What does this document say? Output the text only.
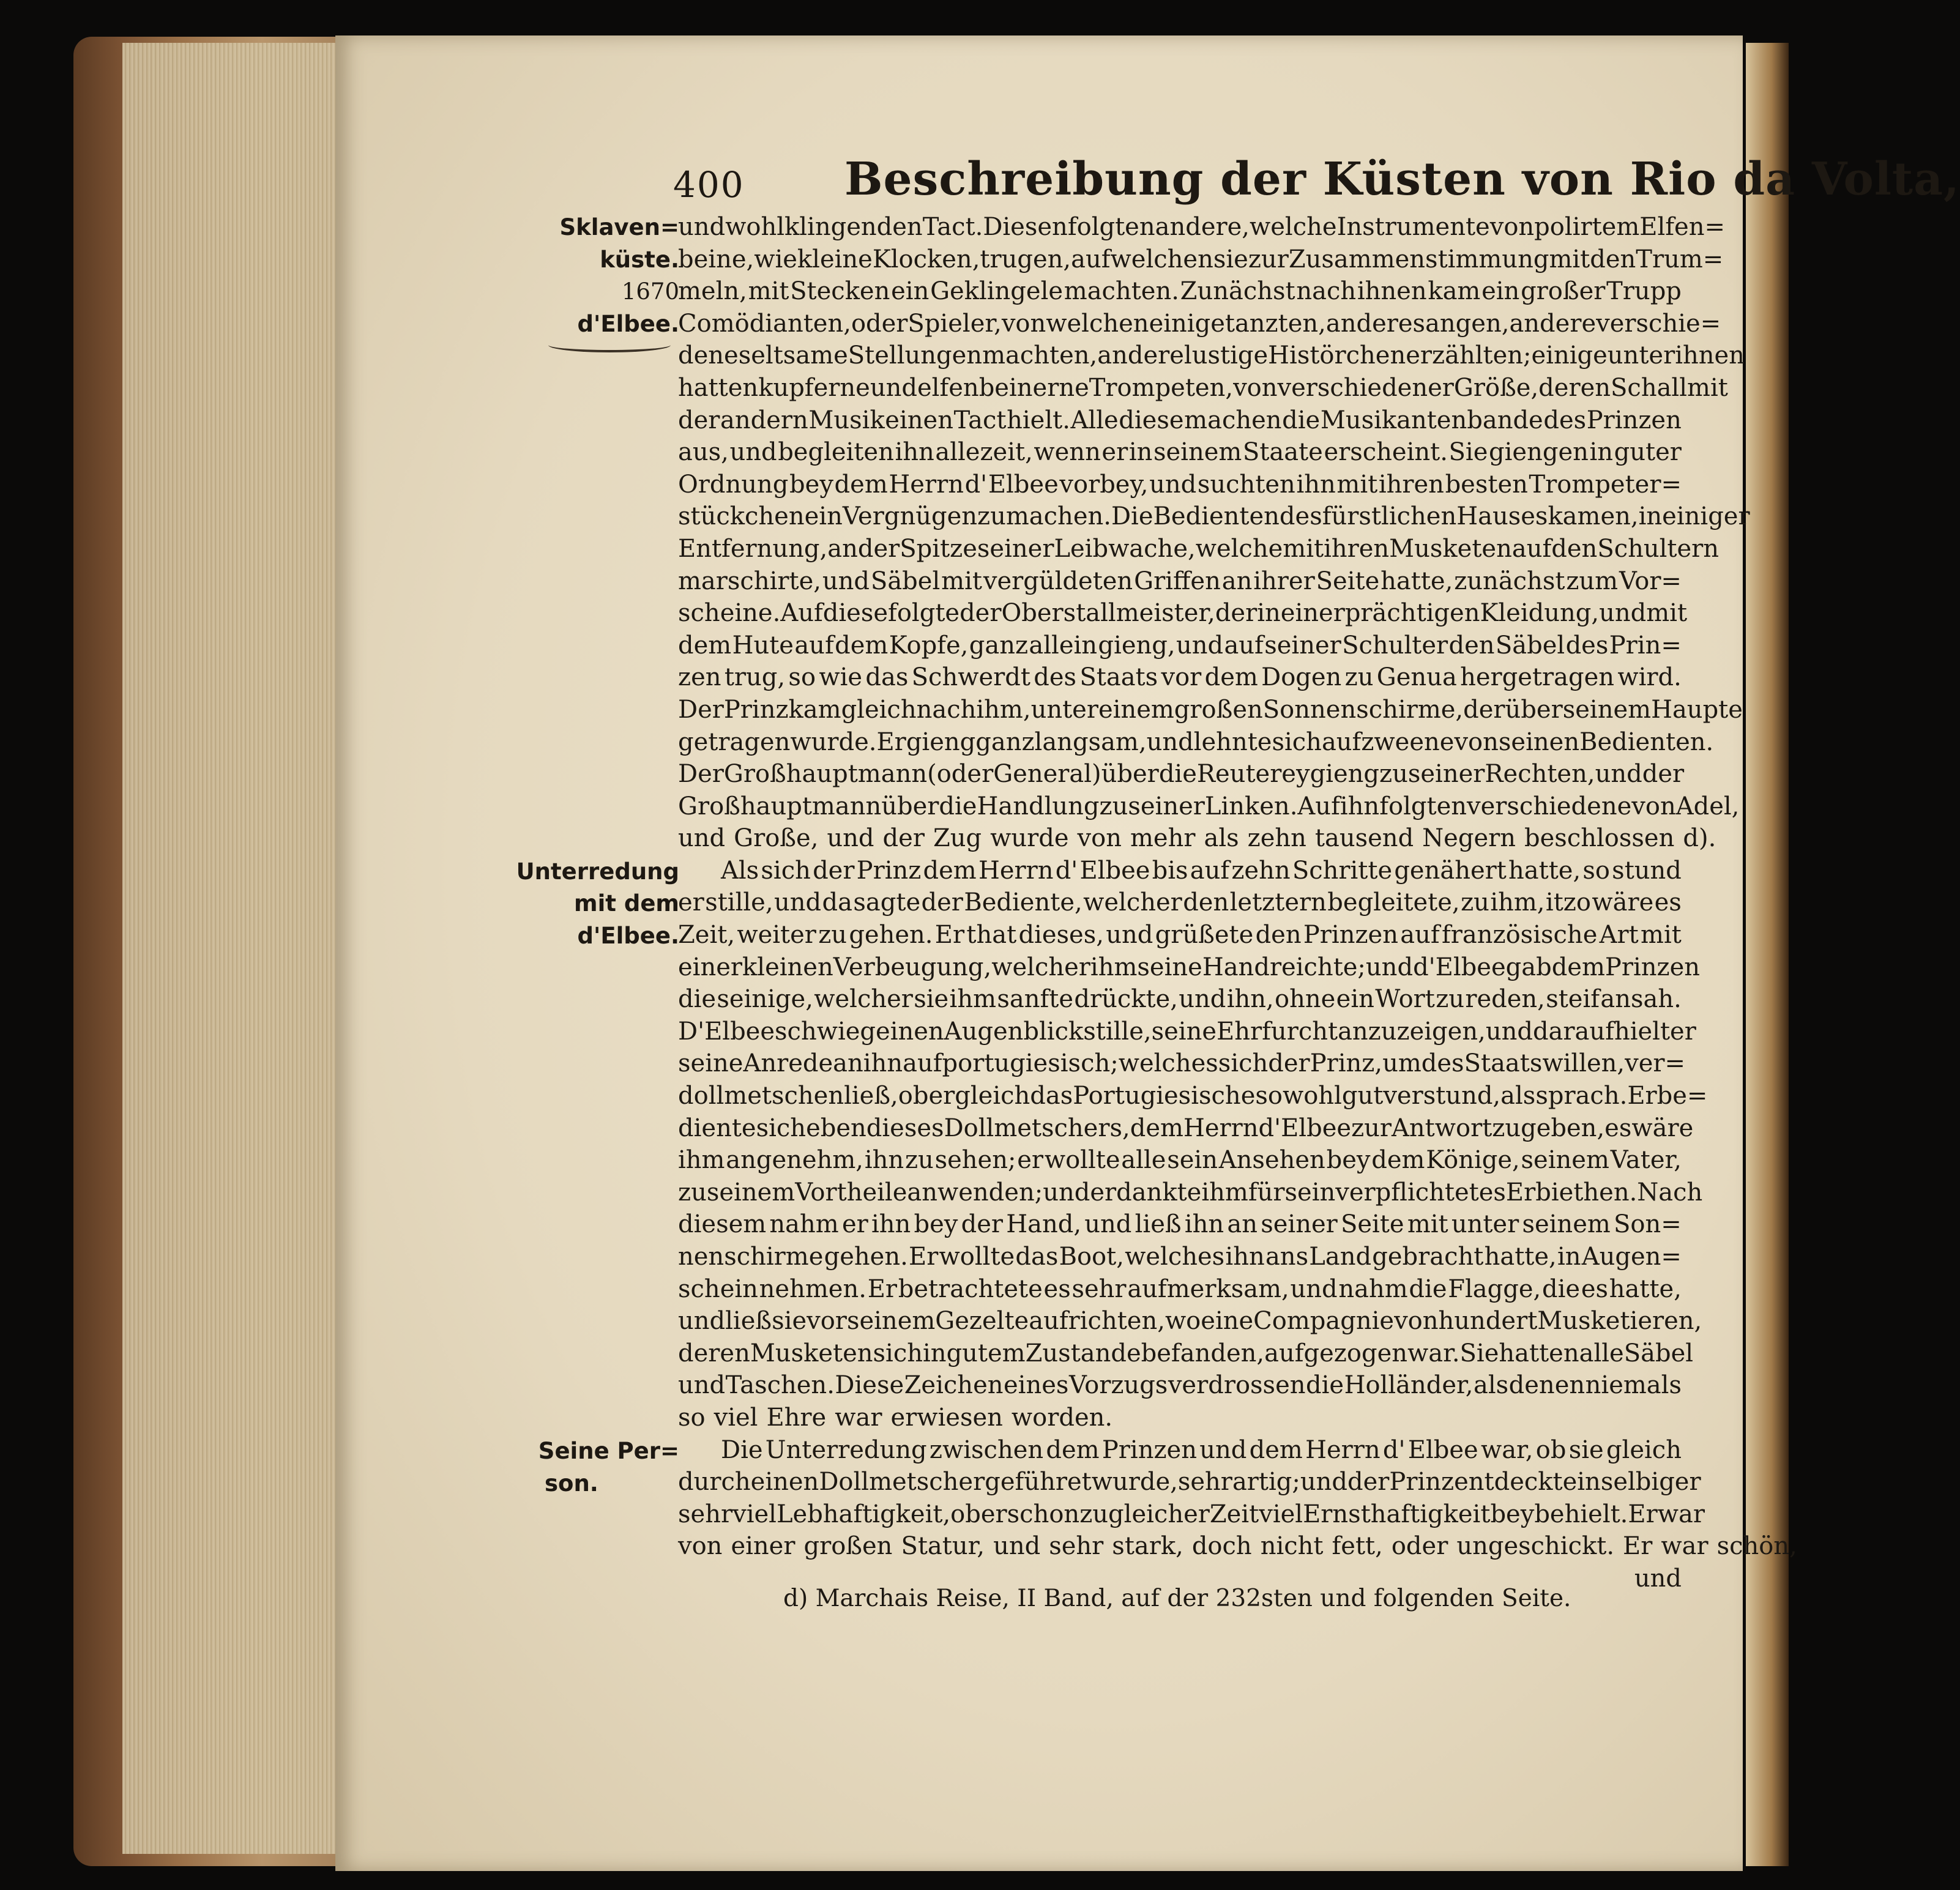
400 Beschreibung der Küsten von Rio da Volta,
Sklaven=
küste.
1670
d'Elbee.
Unterredung
mit dem
d'Elbee.
Seine Per=
son.
und wohlklingenden Tact. Diesen folgten andere, welche Instrumente von polirtem Elfen=
beine, wie kleine Klocken, trugen, auf welchen sie zur Zusammenstimmung mit den Trum=
meln, mit Stecken ein Geklingele machten. Zunächst nach ihnen kam ein großer Trupp
Comödianten, oder Spieler, von welchen einige tanzten, andere sangen, andere verschie=
dene seltsame Stellungen machten, andere lustige Histörchen erzählten; einige unter ihnen
hatten kupferne und elfenbeinerne Trompeten, von verschiedener Größe, deren Schall mit
der andern Musik einen Tact hielt. Alle diese machen die Musikantenbande des Prinzen
aus, und begleiten ihn allezeit, wenn er in seinem Staate erscheint. Sie giengen in guter
Ordnung bey dem Herrn d' Elbee vorbey, und suchten ihn mit ihren besten Trompeter=
stückchen ein Vergnügen zu machen. Die Bedienten des fürstlichen Hauses kamen, in einiger
Entfernung, an der Spitze seiner Leibwache, welche mit ihren Musketen auf den Schultern
marschirte, und Säbel mit vergüldeten Griffen an ihrer Seite hatte, zunächst zum Vor=
scheine. Auf diese folgte der Oberstallmeister, der in einer prächtigen Kleidung, und mit
dem Hute auf dem Kopfe, ganz allein gieng, und auf seiner Schulter den Säbel des Prin=
zen trug, so wie das Schwerdt des Staats vor dem Dogen zu Genua hergetragen wird.
Der Prinz kam gleich nach ihm, unter einem großen Sonnenschirme, der über seinem Haupte
getragen wurde. Er gieng ganz langsam, und lehnte sich auf zweene von seinen Bedienten.
Der Großhauptmann (oder General) über die Reuterey gieng zu seiner Rechten, und der
Großhauptmann über die Handlung zu seiner Linken. Auf ihn folgten verschiedene von Adel,
und Große, und der Zug wurde von mehr als zehn tausend Negern beschlossen d).
Als sich der Prinz dem Herrn d' Elbee bis auf zehn Schritte genähert hatte, so stund
er stille, und da sagte der Bediente, welcher den letztern begleitete, zu ihm, itzo wäre es
Zeit, weiter zu gehen. Er that dieses, und grüßete den Prinzen auf französische Art mit
einer kleinen Verbeugung, welcher ihm seine Hand reichte; und d' Elbee gab dem Prinzen
die seinige, welcher sie ihm sanfte drückte, und ihn, ohne ein Wort zu reden, steif ansah.
D' Elbee schwieg einen Augenblick stille, seine Ehrfurcht anzuzeigen, und darauf hielt er
seine Anrede an ihn auf portugiesisch; welches sich der Prinz, um des Staats willen, ver=
dollmetschen ließ, ob er gleich das Portugiesische sowohl gut verstund, als sprach. Er be=
diente sich eben dieses Dollmetschers, dem Herrn d' Elbee zur Antwort zu geben, es wäre
ihm angenehm, ihn zu sehen; er wollte alle sein Ansehen bey dem Könige, seinem Vater,
zu seinem Vortheile anwenden; und er dankte ihm für sein verpflichtetes Erbiethen. Nach
diesem nahm er ihn bey der Hand, und ließ ihn an seiner Seite mit unter seinem Son=
nenschirme gehen. Er wollte das Boot, welches ihn ans Land gebracht hatte, in Augen=
schein nehmen. Er betrachtete es sehr aufmerksam, und nahm die Flagge, die es hatte,
und ließ sie vor seinem Gezelte aufrichten, wo eine Compagnie von hundert Musketieren,
deren Musketen sich in gutem Zustande befanden, aufgezogen war. Sie hatten alle Säbel
und Taschen. Diese Zeichen eines Vorzugs verdrossen die Holländer, als denen niemals
so viel Ehre war erwiesen worden.
Die Unterredung zwischen dem Prinzen und dem Herrn d' Elbee war, ob sie gleich
durch einen Dollmetscher geführet wurde, sehr artig; und der Prinz entdeckte in selbiger
sehr viel Lebhaftigkeit, ob er schon zu gleicher Zeit viel Ernsthaftigkeit beybehielt. Er war
von einer großen Statur, und sehr stark, doch nicht fett, oder ungeschickt. Er war schön,
und
d) Marchais Reise, II Band, auf der 232sten und folgenden Seite.
